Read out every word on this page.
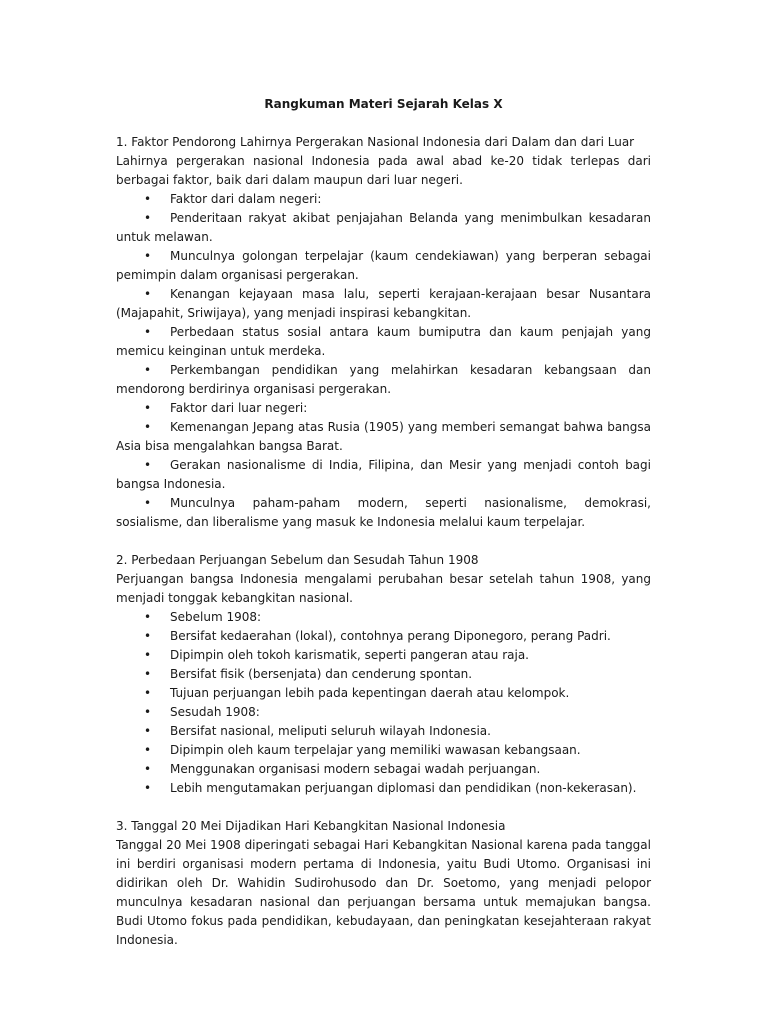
Rangkuman Materi Sejarah Kelas X

1. Faktor Pendorong Lahirnya Pergerakan Nasional Indonesia dari Dalam dan dari Luar

Lahirnya pergerakan nasional Indonesia pada awal abad ke-20 tidak terlepas dari berbagai faktor, baik dari dalam maupun dari luar negeri.

•	Faktor dari dalam negeri:
•	Penderitaan rakyat akibat penjajahan Belanda yang menimbulkan kesadaran untuk melawan.
•	Munculnya golongan terpelajar (kaum cendekiawan) yang berperan sebagai pemimpin dalam organisasi pergerakan.
•	Kenangan kejayaan masa lalu, seperti kerajaan-kerajaan besar Nusantara (Majapahit, Sriwijaya), yang menjadi inspirasi kebangkitan.
•	Perbedaan status sosial antara kaum bumiputra dan kaum penjajah yang memicu keinginan untuk merdeka.
•	Perkembangan pendidikan yang melahirkan kesadaran kebangsaan dan mendorong berdirinya organisasi pergerakan.
•	Faktor dari luar negeri:
•	Kemenangan Jepang atas Rusia (1905) yang memberi semangat bahwa bangsa Asia bisa mengalahkan bangsa Barat.
•	Gerakan nasionalisme di India, Filipina, dan Mesir yang menjadi contoh bagi bangsa Indonesia.
•	Munculnya paham-paham modern, seperti nasionalisme, demokrasi, sosialisme, dan liberalisme yang masuk ke Indonesia melalui kaum terpelajar.

2. Perbedaan Perjuangan Sebelum dan Sesudah Tahun 1908

Perjuangan bangsa Indonesia mengalami perubahan besar setelah tahun 1908, yang menjadi tonggak kebangkitan nasional.

•	Sebelum 1908:
•	Bersifat kedaerahan (lokal), contohnya perang Diponegoro, perang Padri.
•	Dipimpin oleh tokoh karismatik, seperti pangeran atau raja.
•	Bersifat fisik (bersenjata) dan cenderung spontan.
•	Tujuan perjuangan lebih pada kepentingan daerah atau kelompok.
•	Sesudah 1908:
•	Bersifat nasional, meliputi seluruh wilayah Indonesia.
•	Dipimpin oleh kaum terpelajar yang memiliki wawasan kebangsaan.
•	Menggunakan organisasi modern sebagai wadah perjuangan.
•	Lebih mengutamakan perjuangan diplomasi dan pendidikan (non-kekerasan).

3. Tanggal 20 Mei Dijadikan Hari Kebangkitan Nasional Indonesia

Tanggal 20 Mei 1908 diperingati sebagai Hari Kebangkitan Nasional karena pada tanggal ini berdiri organisasi modern pertama di Indonesia, yaitu Budi Utomo. Organisasi ini didirikan oleh Dr. Wahidin Sudirohusodo dan Dr. Soetomo, yang menjadi pelopor munculnya kesadaran nasional dan perjuangan bersama untuk memajukan bangsa. Budi Utomo fokus pada pendidikan, kebudayaan, dan peningkatan kesejahteraan rakyat Indonesia.
